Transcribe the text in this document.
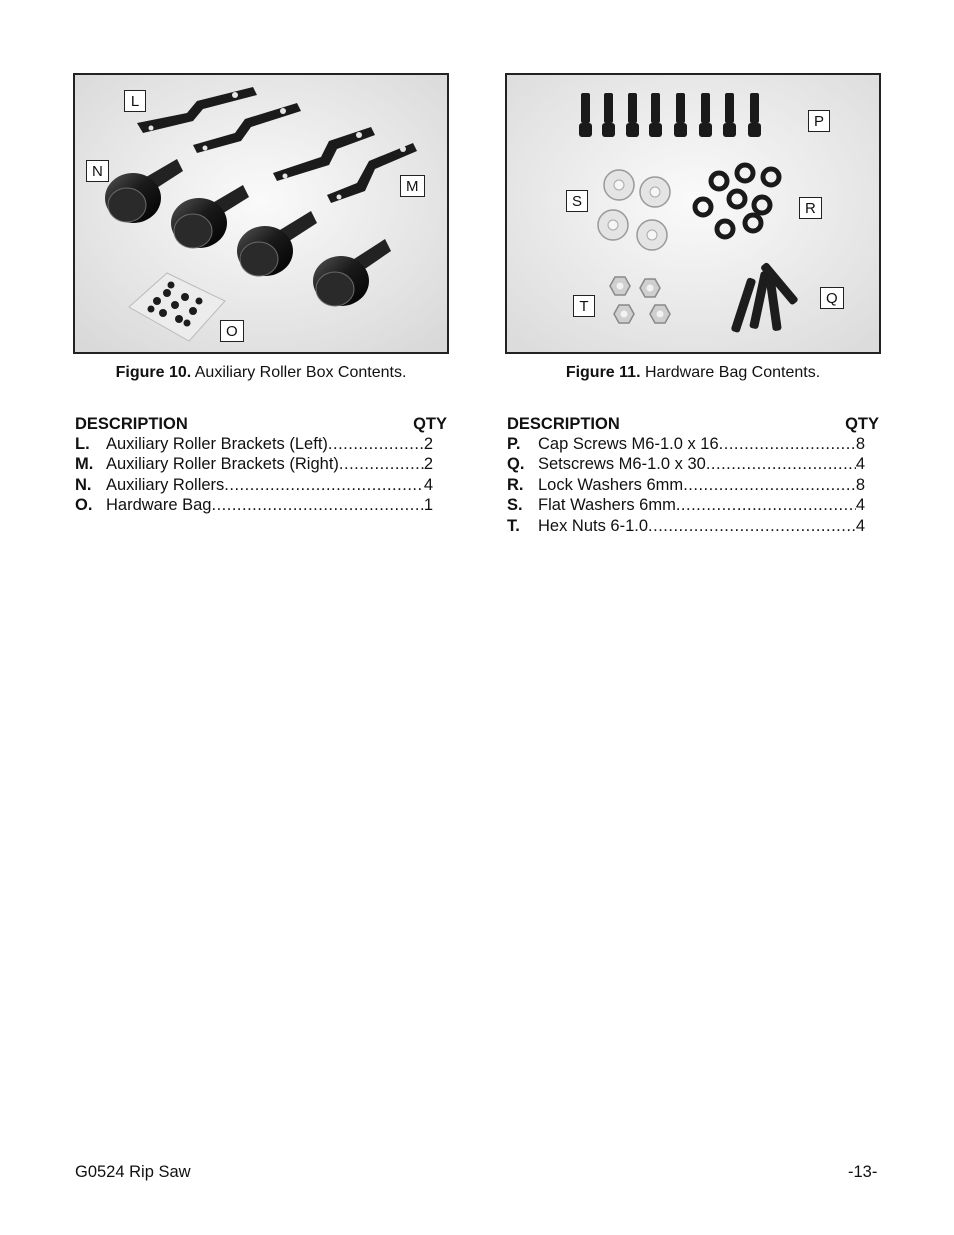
L
N
M
O
Figure 10. Auxiliary Roller Box Contents.
P
S	R
T	Q
Figure 11. Hardware Bag Contents.
DESCRIPTION	QTY
L. Auxiliary Roller Brackets (Left) .....	2
M. Auxiliary Roller Brackets (Right) .....	2
N. Auxiliary Rollers .....	4
O. Hardware Bag .....	1
DESCRIPTION	QTY
P.	Cap Screws M6-1.0 x 16 .....	8
Q. Setscrews M6-1.0 x 30 .....	4
R. Lock Washers 6mm .....	8
S. Flat Washers 6mm .....	4
T.	Hex Nuts 6-1.0 .....	4
G0524 Rip Saw	-13-
